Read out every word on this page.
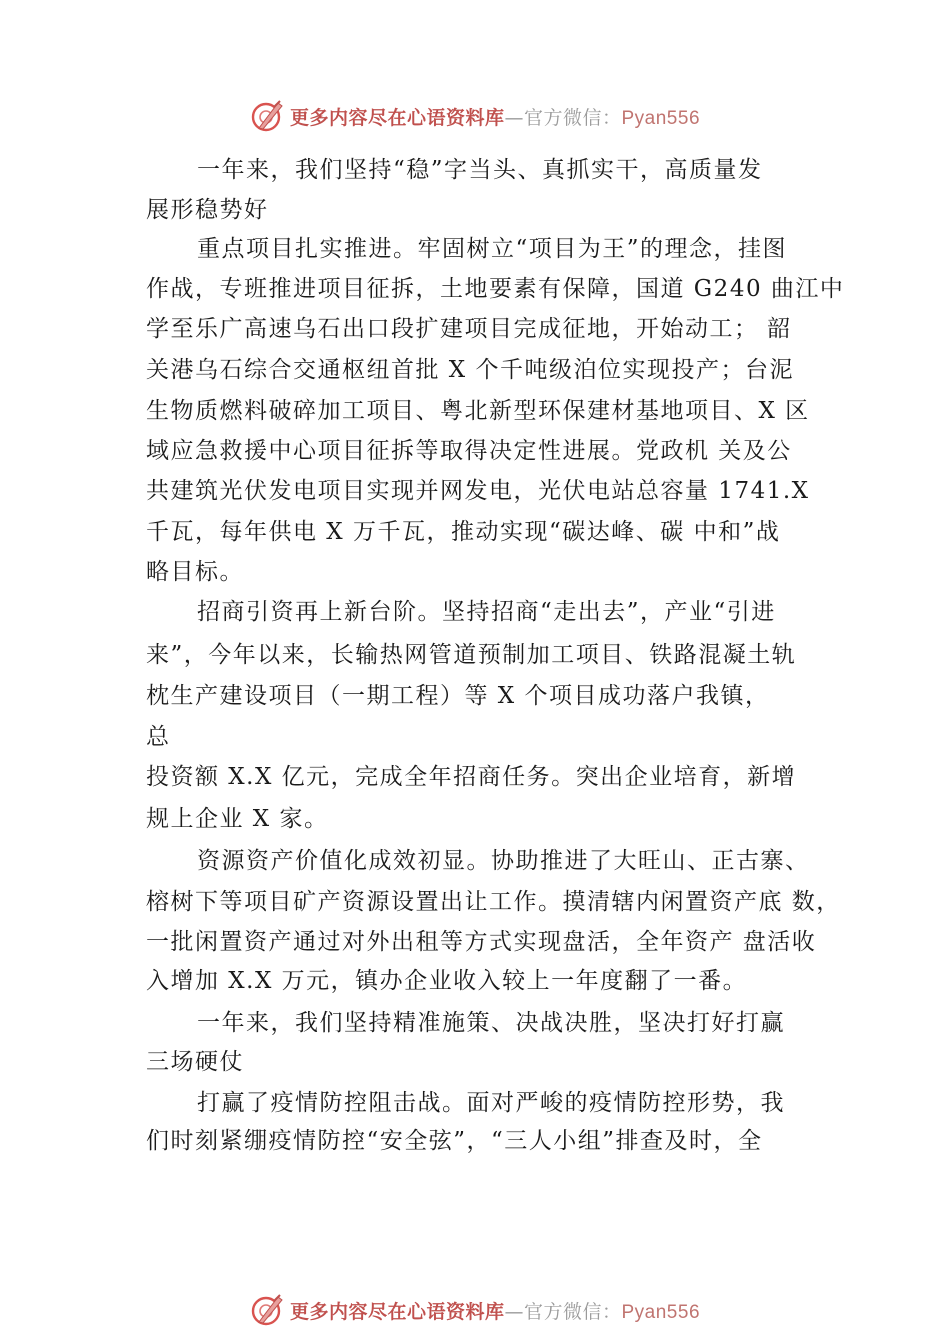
更多内容尽在心语资料库—官方微信：Pyan556
一年来，我们坚持“稳”字当头、真抓实干，高质量发
展形稳势好
重点项目扎实推进。牢固树立“项目为王”的理念，挂图
作战，专班推进项目征拆，土地要素有保障，国道 G240 曲江中
学至乐广高速乌石出口段扩建项目完成征地，开始动工； 韶
关港乌石综合交通枢纽首批 X 个千吨级泊位实现投产；台泥
生物质燃料破碎加工项目、粤北新型环保建材基地项目、X 区
域应急救援中心项目征拆等取得决定性进展。党政机 关及公
共建筑光伏发电项目实现并网发电，光伏电站总容量 1741.X
千瓦，每年供电 X 万千瓦，推动实现“碳达峰、碳 中和”战
略目标。
招商引资再上新台阶。坚持招商“走出去”，产业“引进
来”，今年以来，长输热网管道预制加工项目、铁路混凝土轨
枕生产建设项目（一期工程）等 X 个项目成功落户我镇，
总
投资额 X.X 亿元，完成全年招商任务。突出企业培育，新增
规上企业 X 家。
资源资产价值化成效初显。协助推进了大旺山、正古寨、
榕树下等项目矿产资源设置出让工作。摸清辖内闲置资产底 数，
一批闲置资产通过对外出租等方式实现盘活，全年资产 盘活收
入增加 X.X 万元，镇办企业收入较上一年度翻了一番。
一年来，我们坚持精准施策、决战决胜，坚决打好打赢
三场硬仗
打赢了疫情防控阻击战。面对严峻的疫情防控形势，我
们时刻紧绷疫情防控“安全弦”，“三人小组”排查及时，全
更多内容尽在心语资料库—官方微信：Pyan556
